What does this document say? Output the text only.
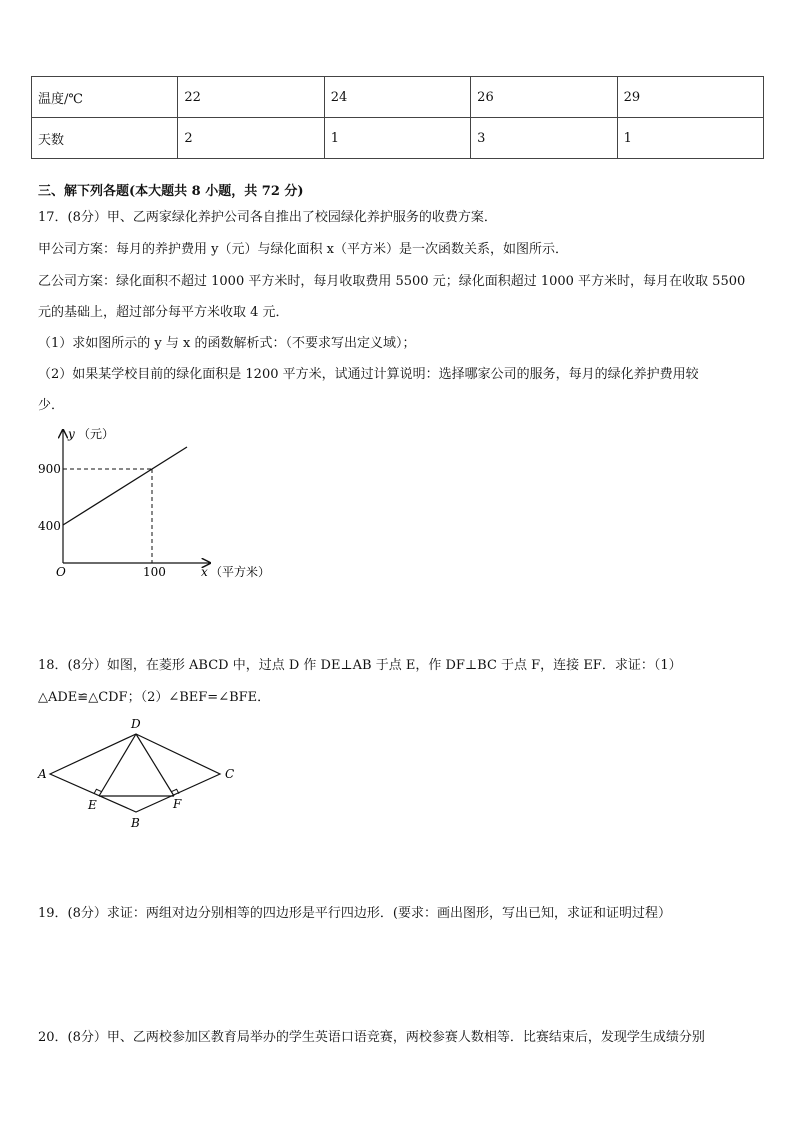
温度/℃	22	24	26	29
天数	2	1	3	1
三、解下列各题(本大题共 8 小题，共 72 分)
17．(8分）甲、乙两家绿化养护公司各自推出了校园绿化养护服务的收费方案．
甲公司方案：每月的养护费用 y（元）与绿化面积 x（平方米）是一次函数关系，如图所示．
乙公司方案：绿化面积不超过 1000 平方米时，每月收取费用 5500 元；绿化面积超过 1000 平方米时，每月在收取 5500
元的基础上，超过部分每平方米收取 4 元．
（1）求如图所示的 y 与 x 的函数解析式：（不要求写出定义域）；
（2）如果某学校目前的绿化面积是 1200 平方米，试通过计算说明：选择哪家公司的服务，每月的绿化养护费用较
少．
y （元）
900
400
O	100	x （平方米）
18．(8分）如图，在菱形 ABCD 中，过点 D 作 DE⊥AB 于点 E，作 DF⊥BC 于点 F，连接 EF．求证：（1）
△ADE≌△CDF；（2）∠BEF=∠BFE．
A
D
C
B
E	F
19．(8分）求证：两组对边分别相等的四边形是平行四边形．(要求：画出图形，写出已知，求证和证明过程）
20．(8分）甲、乙两校参加区教育局举办的学生英语口语竞赛，两校参赛人数相等．比赛结束后，发现学生成绩分别
